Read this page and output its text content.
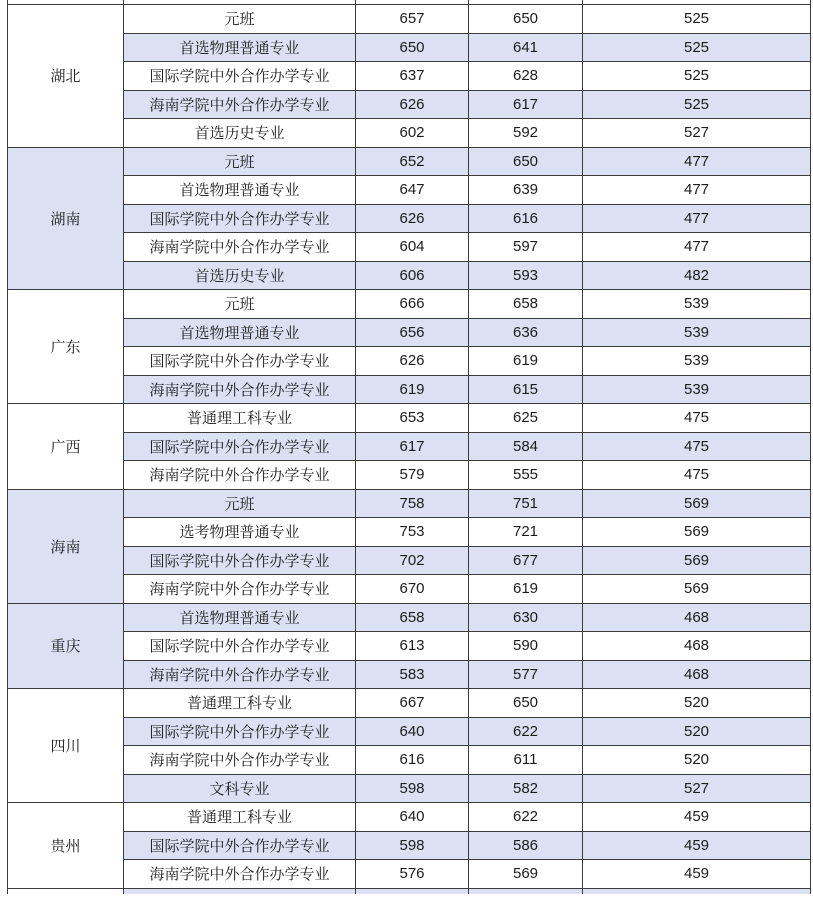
湖北	元班	657	650	525
	首选物理普通专业	650	641	525
	国际学院中外合作办学专业	637	628	525
	海南学院中外合作办学专业	626	617	525
	首选历史专业	602	592	527
湖南	元班	652	650	477
	首选物理普通专业	647	639	477
	国际学院中外合作办学专业	626	616	477
	海南学院中外合作办学专业	604	597	477
	首选历史专业	606	593	482
广东	元班	666	658	539
	首选物理普通专业	656	636	539
	国际学院中外合作办学专业	626	619	539
	海南学院中外合作办学专业	619	615	539
广西	普通理工科专业	653	625	475
	国际学院中外合作办学专业	617	584	475
	海南学院中外合作办学专业	579	555	475
海南	元班	758	751	569
	选考物理普通专业	753	721	569
	国际学院中外合作办学专业	702	677	569
	海南学院中外合作办学专业	670	619	569
重庆	首选物理普通专业	658	630	468
	国际学院中外合作办学专业	613	590	468
	海南学院中外合作办学专业	583	577	468
四川	普通理工科专业	667	650	520
	国际学院中外合作办学专业	640	622	520
	海南学院中外合作办学专业	616	611	520
	文科专业	598	582	527
贵州	普通理工科专业	640	622	459
	国际学院中外合作办学专业	598	586	459
	海南学院中外合作办学专业	576	569	459
